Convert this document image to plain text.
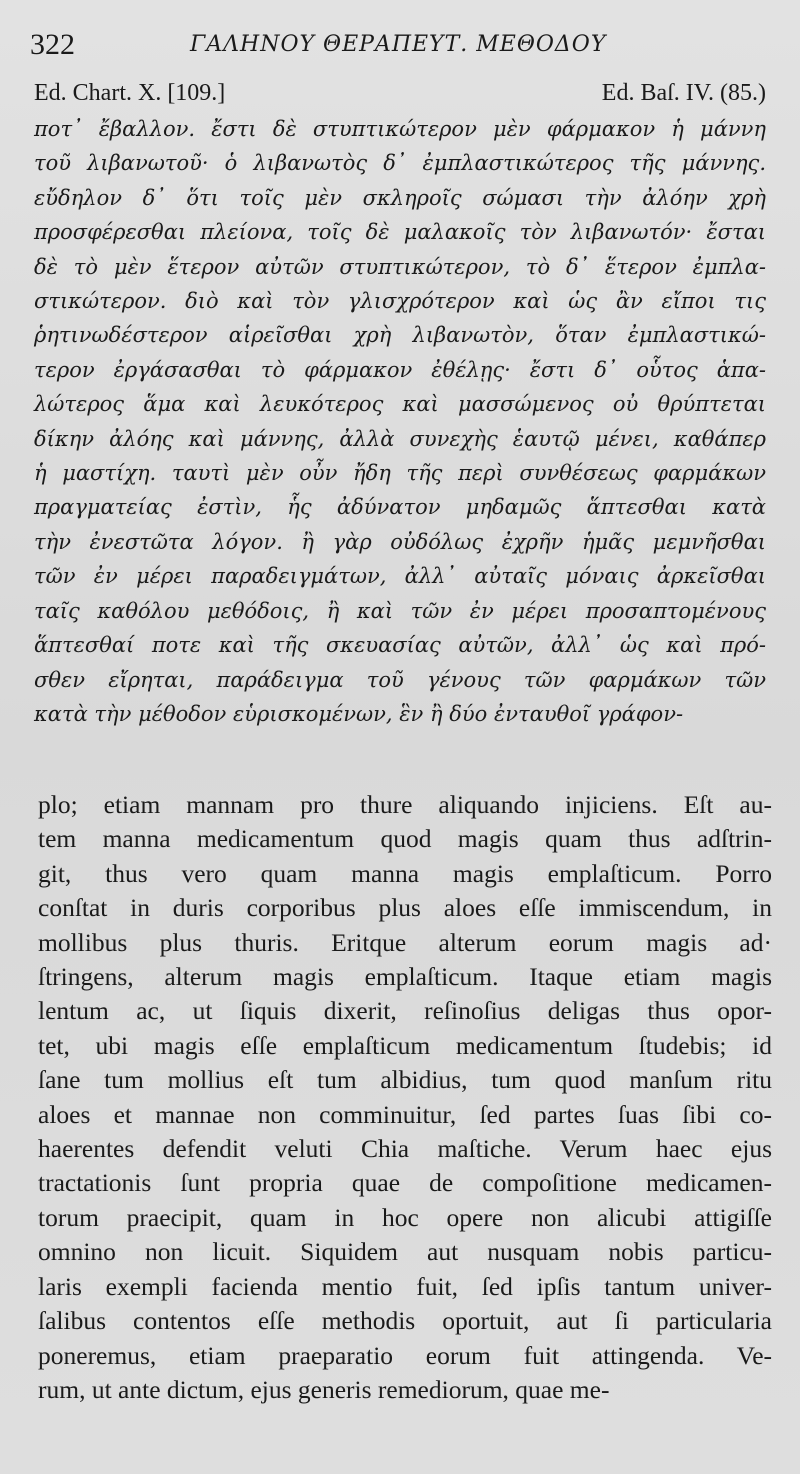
322	ΓΑΛΗΝΟΥ ΘΕΡΑΠΕΥΤ. ΜΕΘΟΔΟΥ
Ed. Chart. X. [109.]	Ed. Baſ. IV. (85.)
ποτ᾽ ἔβαλλον. ἔστι δὲ στυπτικώτερον μὲν φάρμακον ἡ μάννη
τοῦ λιβανωτοῦ· ὁ λιβανωτὸς δ᾽ ἐμπλαστικώτερος τῆς μάννης.
εὔδηλον δ᾽ ὅτι τοῖς μὲν σκληροῖς σώμασι τὴν ἀλόην χρὴ
προσφέρεσθαι πλείονα, τοῖς δὲ μαλακοῖς τὸν λιβανωτόν· ἔσται
δὲ τὸ μὲν ἕτερον αὐτῶν στυπτικώτερον, τὸ δ᾽ ἕτερον ἐμπλα-
στικώτερον. διὸ καὶ τὸν γλισχρότερον καὶ ὡς ἂν εἴποι τις
ῥητινωδέστερον αἱρεῖσθαι χρὴ λιβανωτὸν, ὅταν ἐμπλαστικώ-
τερον ἐργάσασθαι τὸ φάρμακον ἐθέλῃς· ἔστι δ᾽ οὗτος ἁπα-
λώτερος ἅμα καὶ λευκότερος καὶ μασσώμενος οὐ θρύπτεται
δίκην ἀλόης καὶ μάννης, ἀλλὰ συνεχὴς ἑαυτῷ μένει, καθάπερ
ἡ μαστίχη. ταυτὶ μὲν οὖν ἤδη τῆς περὶ συνθέσεως φαρμάκων
πραγματείας ἐστὶν, ἧς ἀδύνατον μηδαμῶς ἅπτεσθαι κατὰ
τὴν ἐνεστῶτα λόγον. ἢ γὰρ οὐδόλως ἐχρῆν ἡμᾶς μεμνῆσθαι
τῶν ἐν μέρει παραδειγμάτων, ἀλλ᾽ αὐταῖς μόναις ἀρκεῖσθαι
ταῖς καθόλου μεθόδοις, ἢ καὶ τῶν ἐν μέρει προσαπτομένους
ἅπτεσθαί ποτε καὶ τῆς σκευασίας αὐτῶν, ἀλλ᾽ ὡς καὶ πρό-
σθεν εἴρηται, παράδειγμα τοῦ γένους τῶν φαρμάκων τῶν
κατὰ τὴν μέθοδον εὑρισκομένων, ἓν ἢ δύο ἐνταυθοῖ γράφον-
plo; etiam mannam pro thure aliquando injiciens. Eſt au-
tem manna medicamentum quod magis quam thus adſtrin-
git, thus vero quam manna magis emplaſticum. Porro
conſtat in duris corporibus plus aloes eſſe immiscendum, in
mollibus plus thuris. Eritque alterum eorum magis ad·
ſtringens, alterum magis emplaſticum. Itaque etiam magis
lentum ac, ut ſiquis dixerit, reſinoſius deligas thus opor-
tet, ubi magis eſſe emplaſticum medicamentum ſtudebis; id
ſane tum mollius eſt tum albidius, tum quod manſum ritu
aloes et mannae non comminuitur, ſed partes ſuas ſibi co-
haerentes defendit veluti Chia maſtiche. Verum haec ejus
tractationis ſunt propria quae de compoſitione medicamen-
torum praecipit, quam in hoc opere non alicubi attigiſſe
omnino non licuit. Siquidem aut nusquam nobis particu-
laris exempli facienda mentio fuit, ſed ipſis tantum univer-
ſalibus contentos eſſe methodis oportuit, aut ſi particularia
poneremus, etiam praeparatio eorum fuit attingenda. Ve-
rum, ut ante dictum, ejus generis remediorum, quae me-
